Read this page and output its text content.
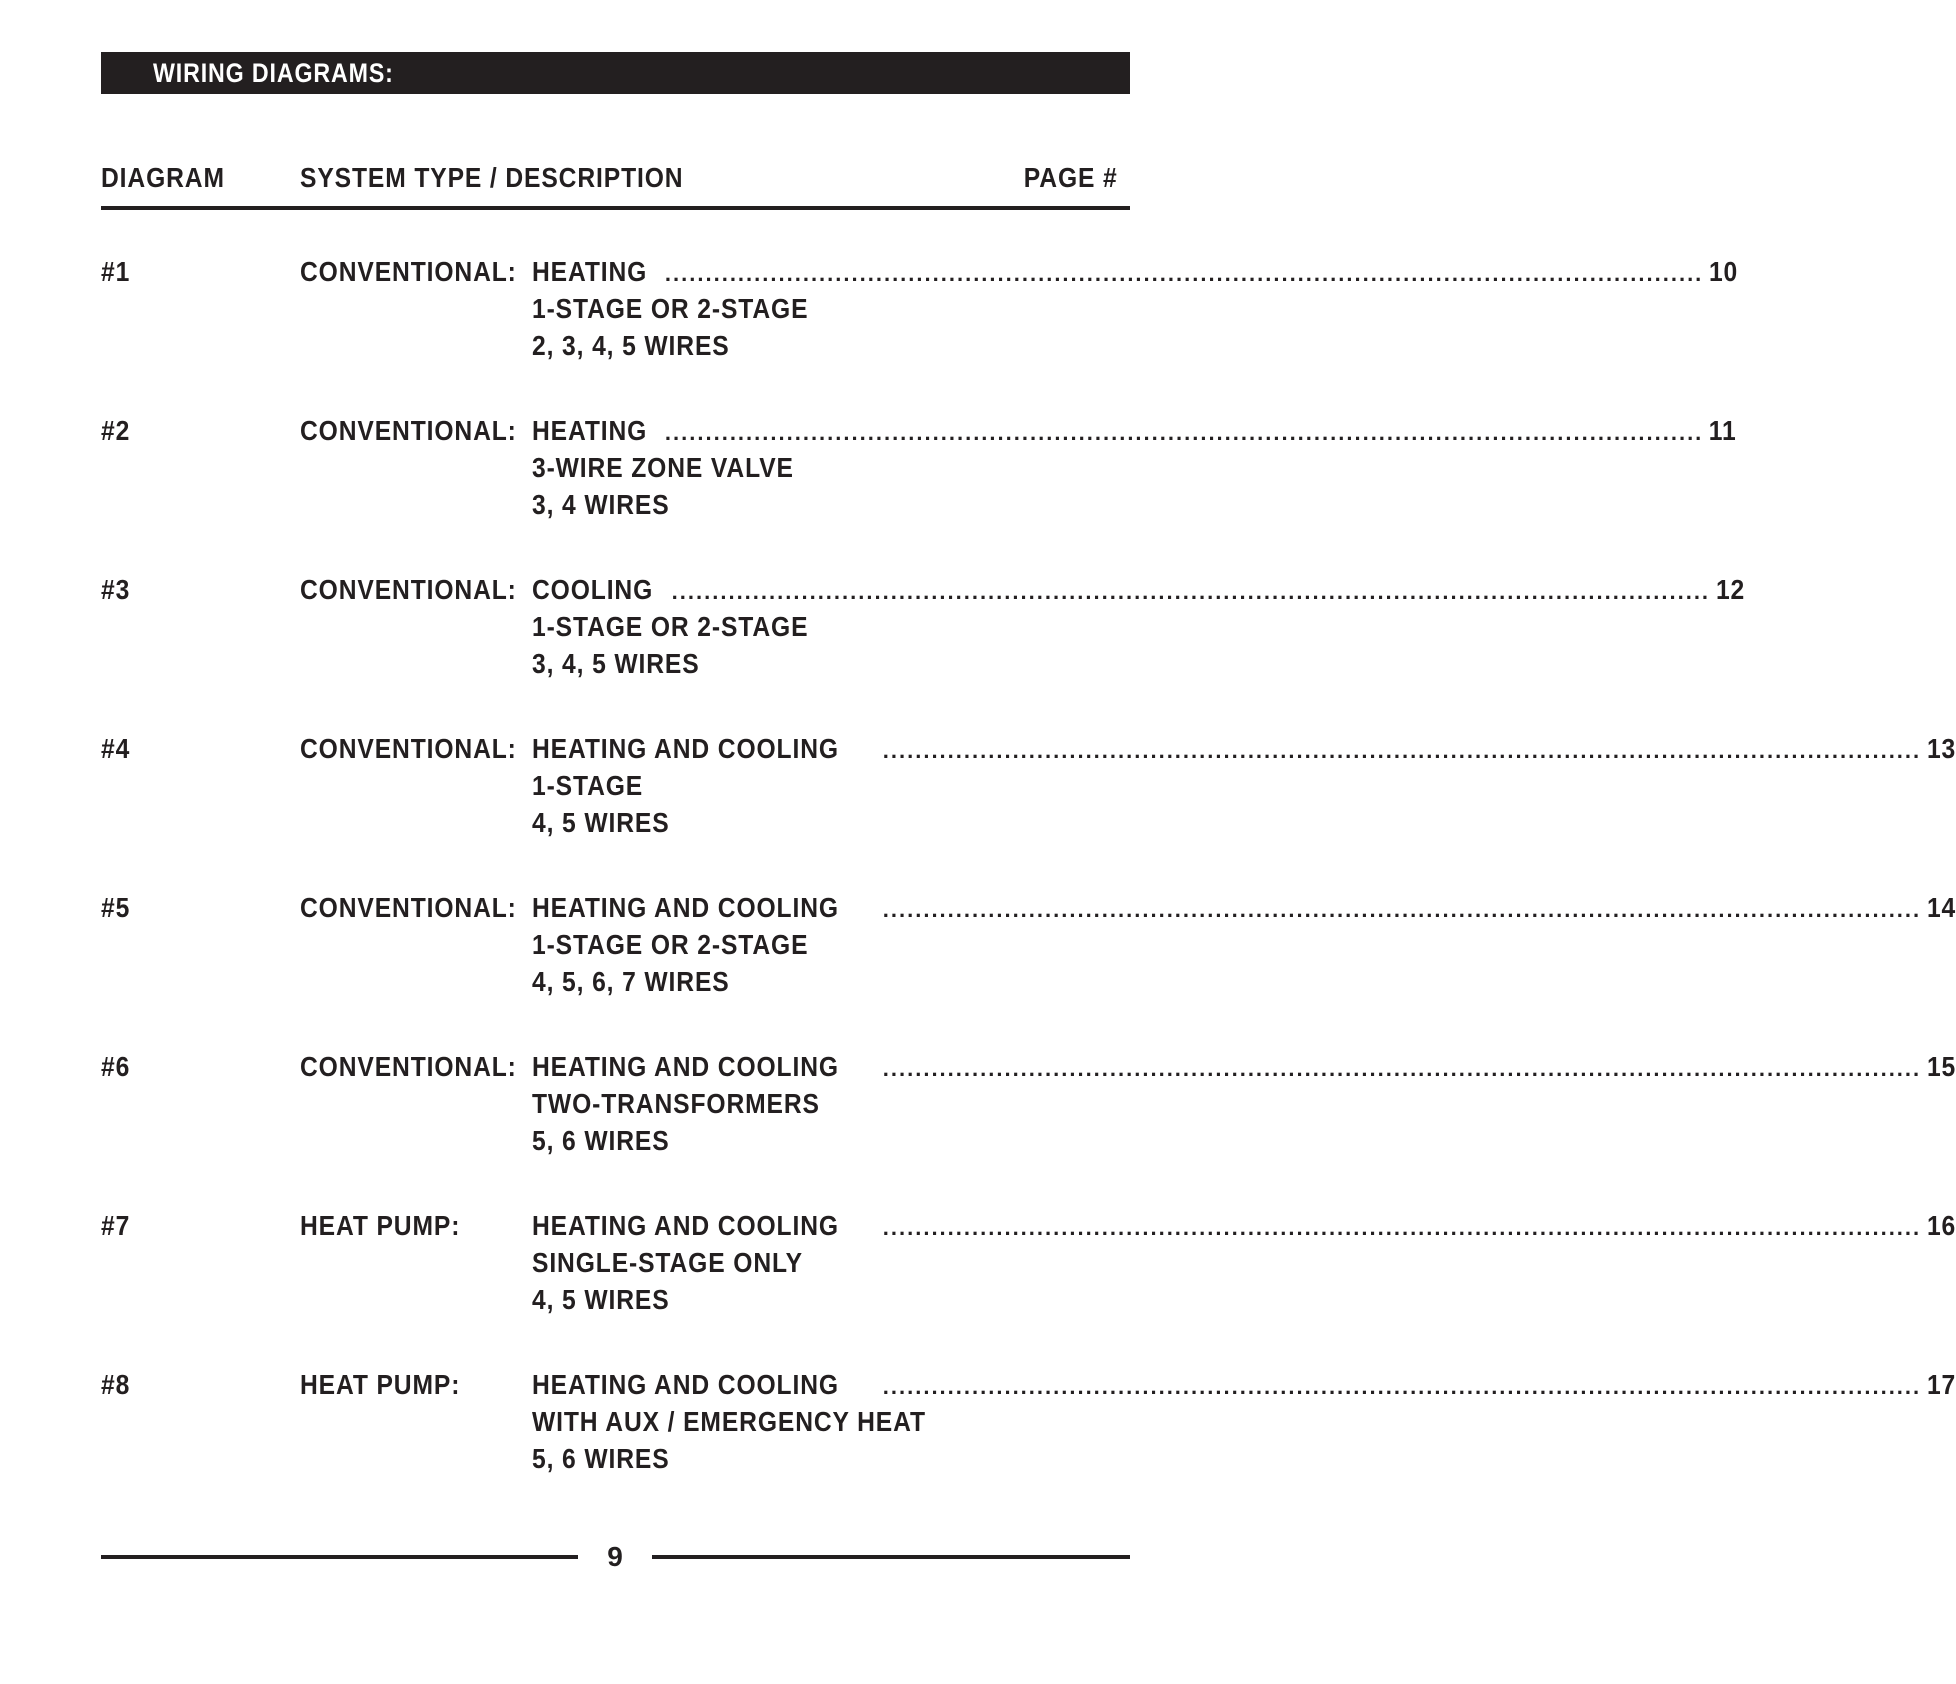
WIRING DIAGRAMS:
DIAGRAM	SYSTEM TYPE / DESCRIPTION	PAGE #
#1	CONVENTIONAL: HEATING ................................................................................................................................ 10
1-STAGE OR 2-STAGE
2, 3, 4, 5 WIRES
#2	CONVENTIONAL: HEATING ................................................................................................................................ 11
3-WIRE ZONE VALVE
3, 4 WIRES
#3	CONVENTIONAL: COOLING ................................................................................................................................ 12
1-STAGE OR 2-STAGE
3, 4, 5 WIRES
#4	CONVENTIONAL: HEATING AND COOLING ................................................................................................................................ 13
1-STAGE
4, 5 WIRES
#5	CONVENTIONAL: HEATING AND COOLING ................................................................................................................................ 14
1-STAGE OR 2-STAGE
4, 5, 6, 7 WIRES
#6	CONVENTIONAL: HEATING AND COOLING ................................................................................................................................ 15
TWO-TRANSFORMERS
5, 6 WIRES
#7	HEAT PUMP:	HEATING AND COOLING ................................................................................................................................ 16
SINGLE-STAGE ONLY
4, 5 WIRES
#8	HEAT PUMP:	HEATING AND COOLING ................................................................................................................................ 17
WITH AUX / EMERGENCY HEAT
5, 6 WIRES
9
